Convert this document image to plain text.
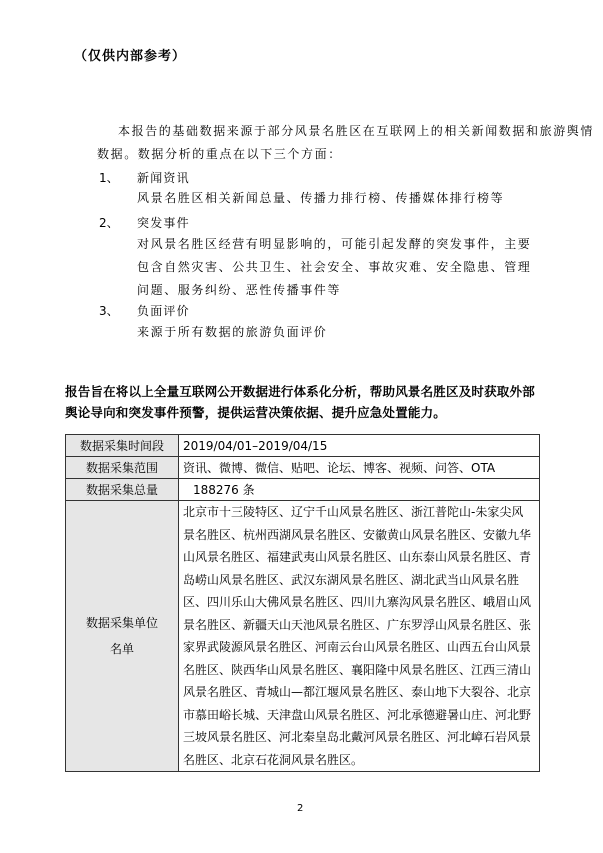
（仅供内部参考）
本报告的基础数据来源于部分风景名胜区在互联网上的相关新闻数据和旅游舆情
数据。数据分析的重点在以下三个方面：
1、 新闻资讯
风景名胜区相关新闻总量、传播力排行榜、传播媒体排行榜等
2、 突发事件
对风景名胜区经营有明显影响的，可能引起发酵的突发事件，主要包含自然灾害、公共卫生、社会安全、事故灾难、安全隐患、管理问题、服务纠纷、恶性传播事件等
3、 负面评价
来源于所有数据的旅游负面评价
报告旨在将以上全量互联网公开数据进行体系化分析，帮助风景名胜区及时获取外部舆论导向和突发事件预警，提供运营决策依据、提升应急处置能力。
数据采集时间段	2019/04/01–2019/04/15
数据采集范围	资讯、微博、微信、贴吧、论坛、博客、视频、问答、OTA
数据采集总量	188276 条
数据采集单位
名单	北京市十三陵特区、辽宁千山风景名胜区、浙江普陀山-朱家尖风景名胜区、杭州西湖风景名胜区、安徽黄山风景名胜区、安徽九华山风景名胜区、福建武夷山风景名胜区、山东泰山风景名胜区、青岛崂山风景名胜区、武汉东湖风景名胜区、湖北武当山风景名胜区、四川乐山大佛风景名胜区、四川九寨沟风景名胜区、峨眉山风景名胜区、新疆天山天池风景名胜区、广东罗浮山风景名胜区、张家界武陵源风景名胜区、河南云台山风景名胜区、山西五台山风景名胜区、陕西华山风景名胜区、襄阳隆中风景名胜区、江西三清山风景名胜区、青城山—都江堰风景名胜区、泰山地下大裂谷、北京市慕田峪长城、天津盘山风景名胜区、河北承德避暑山庄、河北野三坡风景名胜区、河北秦皇岛北戴河风景名胜区、河北嶂石岩风景名胜区、北京石花洞风景名胜区。
2
